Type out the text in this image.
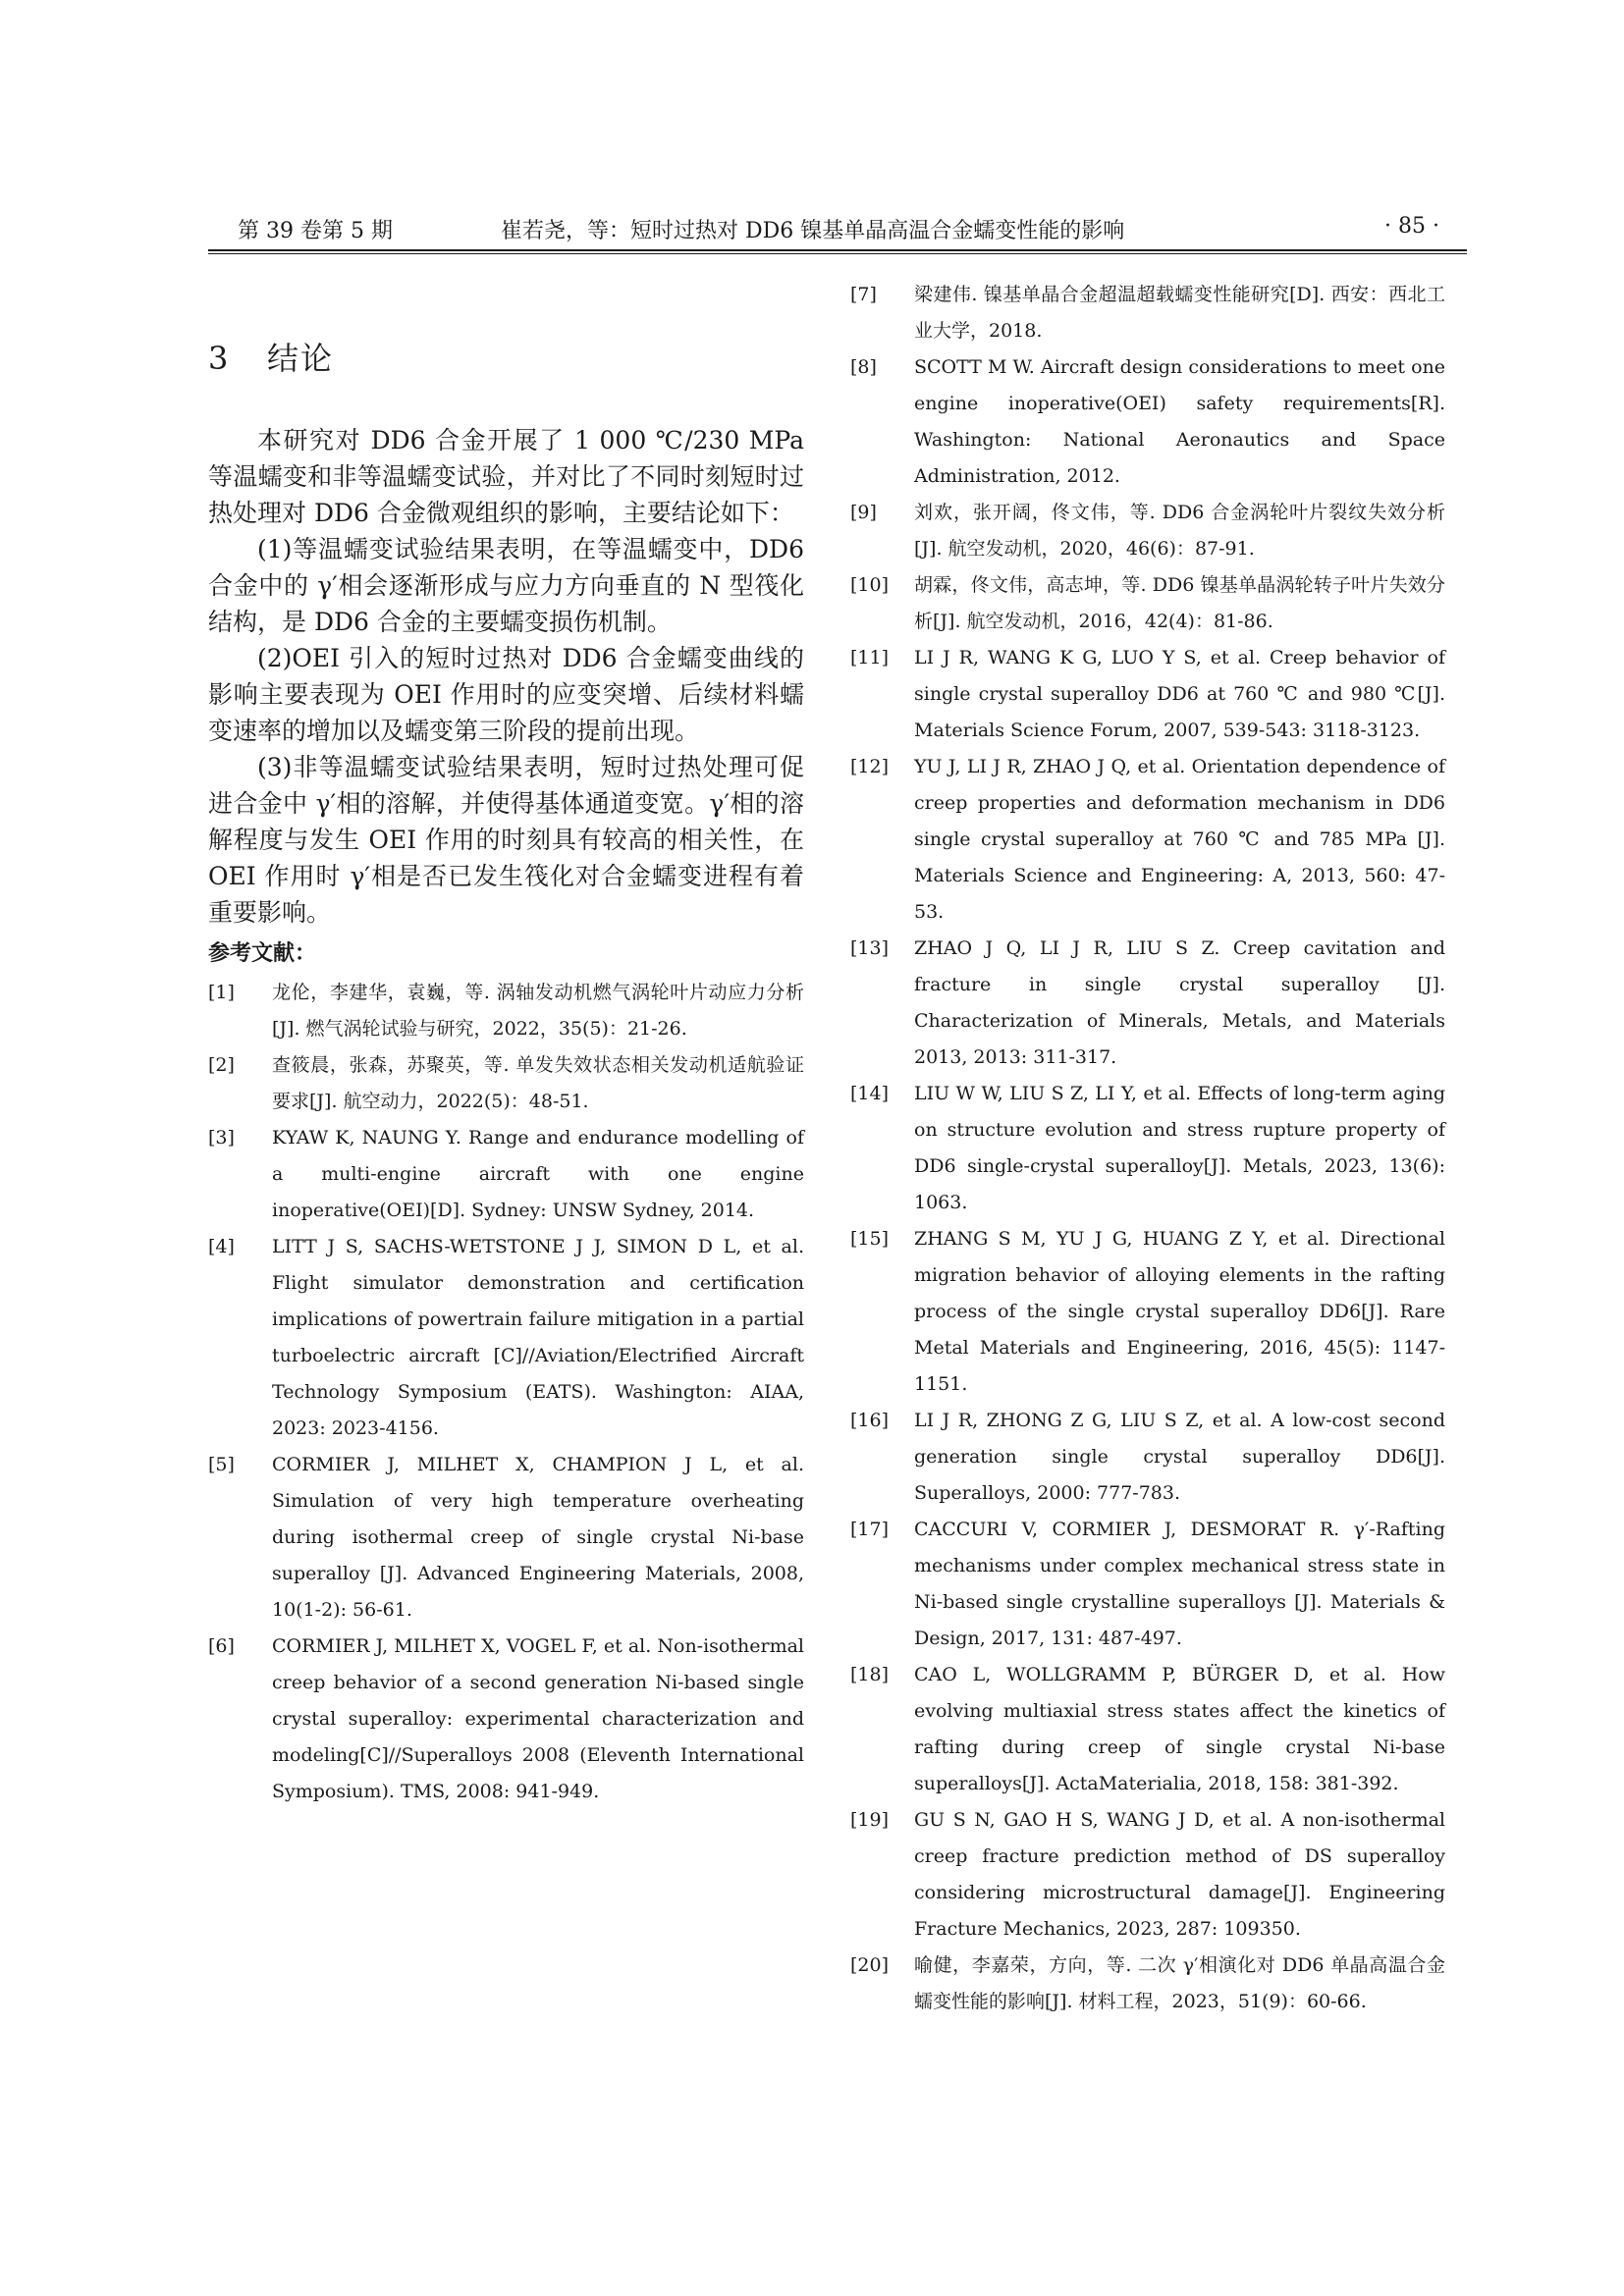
第 39 卷第 5 期	崔若尧，等：短时过热对 DD6 镍基单晶高温合金蠕变性能的影响	· 85 ·
3 结论

本研究对 DD6 合金开展了 1 000 ℃/230 MPa 等温蠕变和非等温蠕变试验，并对比了不同时刻短时过热处理对 DD6 合金微观组织的影响，主要结论如下：

(1)等温蠕变试验结果表明，在等温蠕变中，DD6 合金中的 γ′相会逐渐形成与应力方向垂直的 N 型筏化结构，是 DD6 合金的主要蠕变损伤机制。

(2)OEI 引入的短时过热对 DD6 合金蠕变曲线的影响主要表现为 OEI 作用时的应变突增、后续材料蠕变速率的增加以及蠕变第三阶段的提前出现。

(3)非等温蠕变试验结果表明，短时过热处理可促进合金中 γ′相的溶解，并使得基体通道变宽。γ′相的溶解程度与发生 OEI 作用的时刻具有较高的相关性，在 OEI 作用时 γ′相是否已发生筏化对合金蠕变进程有着重要影响。

参考文献：

[1] 龙伦，李建华，袁巍，等. 涡轴发动机燃气涡轮叶片动应力分析[J]. 燃气涡轮试验与研究，2022，35(5)：21-26.

[2] 查筱晨，张森，苏聚英，等. 单发失效状态相关发动机适航验证要求[J]. 航空动力，2022(5)：48-51.

[3] KYAW K, NAUNG Y. Range and endurance modelling of a multi-engine aircraft with one engine inoperative(OEI)[D]. Sydney: UNSW Sydney, 2014.

[4] LITT J S, SACHS-WETSTONE J J, SIMON D L, et al. Flight simulator demonstration and certification implications of powertrain failure mitigation in a partial turboelectric aircraft [C]//Aviation/Electrified Aircraft Technology Symposium (EATS). Washington: AIAA, 2023: 2023-4156.

[5] CORMIER J, MILHET X, CHAMPION J L, et al. Simulation of very high temperature overheating during isothermal creep of single crystal Ni-base superalloy [J]. Advanced Engineering Materials, 2008, 10(1-2): 56-61.

[6] CORMIER J, MILHET X, VOGEL F, et al. Non-isothermal creep behavior of a second generation Ni-based single crystal superalloy: experimental characterization and modeling[C]//Superalloys 2008 (Eleventh International Symposium). TMS, 2008: 941-949.

[7] 梁建伟. 镍基单晶合金超温超载蠕变性能研究[D]. 西安：西北工业大学，2018.

[8] SCOTT M W. Aircraft design considerations to meet one engine inoperative(OEI) safety requirements[R]. Washington: National Aeronautics and Space Administration, 2012.

[9] 刘欢，张开阔，佟文伟，等. DD6 合金涡轮叶片裂纹失效分析[J]. 航空发动机，2020，46(6)：87-91.

[10] 胡霖，佟文伟，高志坤，等. DD6 镍基单晶涡轮转子叶片失效分析[J]. 航空发动机，2016，42(4)：81-86.

[11] LI J R, WANG K G, LUO Y S, et al. Creep behavior of single crystal superalloy DD6 at 760 ℃ and 980 ℃[J]. Materials Science Forum, 2007, 539-543: 3118-3123.

[12] YU J, LI J R, ZHAO J Q, et al. Orientation dependence of creep properties and deformation mechanism in DD6 single crystal superalloy at 760 ℃ and 785 MPa [J]. Materials Science and Engineering: A, 2013, 560: 47-53.

[13] ZHAO J Q, LI J R, LIU S Z. Creep cavitation and fracture in single crystal superalloy [J]. Characterization of Minerals, Metals, and Materials 2013, 2013: 311-317.

[14] LIU W W, LIU S Z, LI Y, et al. Effects of long-term aging on structure evolution and stress rupture property of DD6 single-crystal superalloy[J]. Metals, 2023, 13(6): 1063.

[15] ZHANG S M, YU J G, HUANG Z Y, et al. Directional migration behavior of alloying elements in the rafting process of the single crystal superalloy DD6[J]. Rare Metal Materials and Engineering, 2016, 45(5): 1147-1151.

[16] LI J R, ZHONG Z G, LIU S Z, et al. A low-cost second generation single crystal superalloy DD6[J]. Superalloys, 2000: 777-783.

[17] CACCURI V, CORMIER J, DESMORAT R. γ′-Rafting mechanisms under complex mechanical stress state in Ni-based single crystalline superalloys [J]. Materials & Design, 2017, 131: 487-497.

[18] CAO L, WOLLGRAMM P, BÜRGER D, et al. How evolving multiaxial stress states affect the kinetics of rafting during creep of single crystal Ni-base superalloys[J]. ActaMaterialia, 2018, 158: 381-392.

[19] GU S N, GAO H S, WANG J D, et al. A non-isothermal creep fracture prediction method of DS superalloy considering microstructural damage[J]. Engineering Fracture Mechanics, 2023, 287: 109350.

[20] 喻健，李嘉荣，方向，等. 二次 γ′相演化对 DD6 单晶高温合金蠕变性能的影响[J]. 材料工程，2023，51(9)：60-66.
